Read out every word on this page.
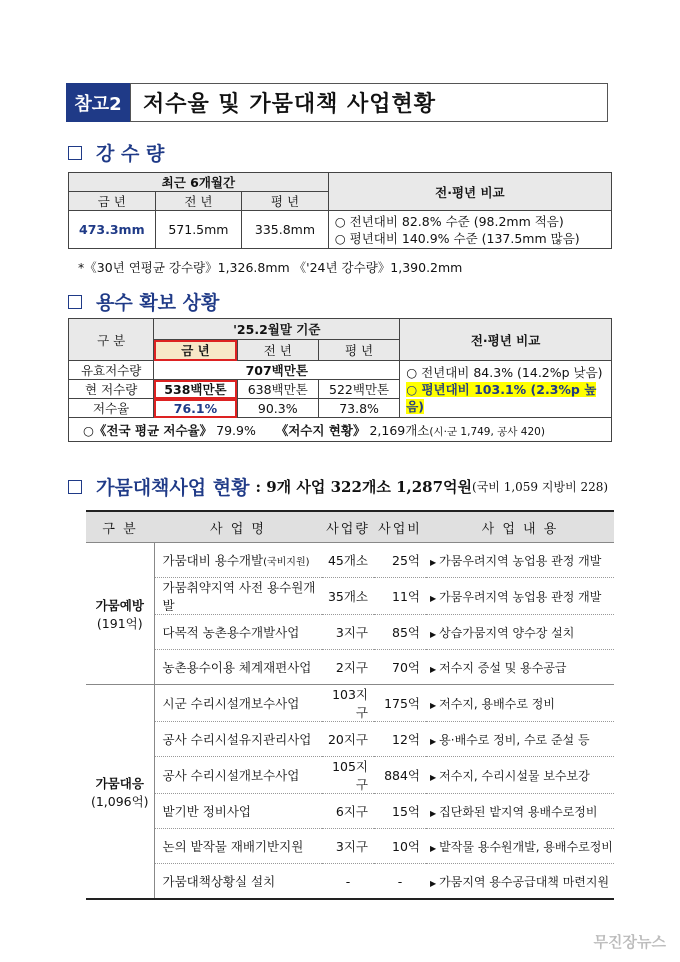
참고2 저수율 및 가뭄대책 사업현황
강 수 량
최근 6개월간			전·평년 비교
금 년	전 년	평 년	
473.3mm	571.5mm	335.8mm	○ 전년대비 82.8% 수준 (98.2mm 적음)
○ 평년대비 140.9% 수준 (137.5mm 많음)
*《30년 연평균 강수량》1,326.8mm 《'24년 강수량》1,390.2mm
용수 확보 상황
구 분	'25.2월말 기준			전·평년 비교
	금 년	전 년	평 년	
유효저수량	707백만톤			○ 전년대비 84.3% (14.2%p 낮음)
○ 평년대비 103.1% (2.3%p 높음)

현 저수량	538백만톤	638백만톤	522백만톤	
저수율	76.1%	90.3%	73.8%	
○《전국 평균 저수율》 79.9% 《저수지 현황》 2,169개소(시·군 1,749, 공사 420)				
가뭄대책사업 현황 : 9개 사업 322개소 1,287억원 (국비 1,059 지방비 228)
구 분	사 업 명	사업량	사업비	사 업 내 용

가뭄예방
(191억)	가뭄대비 용수개발(국비지원)	45개소	25억	▶ 가뭄우려지역 농업용 관정 개발
	가뭄취약지역 사전 용수원개발	35개소	11억	▶ 가뭄우려지역 농업용 관정 개발
	다목적 농촌용수개발사업	3지구	85억	▶ 상습가뭄지역 양수장 설치
	농촌용수이용 체계재편사업	2지구	70억	▶ 저수지 증설 및 용수공급

가뭄대응
(1,096억)	시군 수리시설개보수사업	103지구	175억	▶ 저수지, 용배수로 정비
	공사 수리시설유지관리사업	20지구	12억	▶ 용·배수로 정비, 수로 준설 등
	공사 수리시설개보수사업	105지구	884억	▶ 저수지, 수리시설물 보수보강
	밭기반 정비사업	6지구	15억	▶ 집단화된 밭지역 용배수로정비
	논의 밭작물 재배기반지원	3지구	10억	▶ 밭작물 용수원개발, 용배수로정비
	가뭄대책상황실 설치	-	-	▶ 가뭄지역 용수공급대책 마련지원
무진장뉴스
